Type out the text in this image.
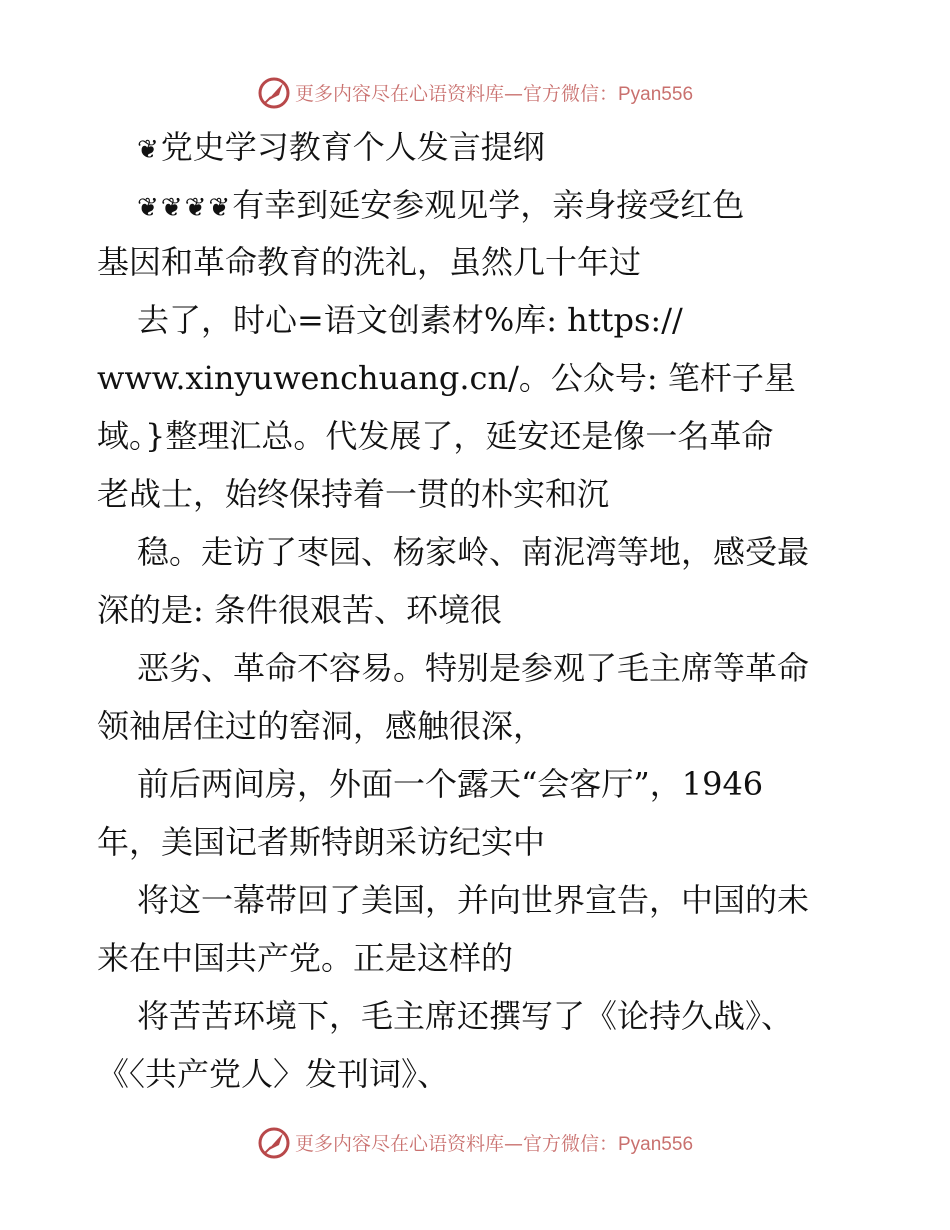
更多内容尽在心语资料库—官方微信：Pyan556
❦党史学习教育个人发言提纲
❦❦❦❦有幸到延安参观见学，亲身接受红色
基因和革命教育的洗礼，虽然几十年过
去了，时心=语文创素材%库: https://
www.xinyuwenchuang.cn/。公众号: 笔杆子星
域。}整理汇总。代发展了，延安还是像一名革命
老战士，始终保持着一贯的朴实和沉
稳。走访了枣园、杨家岭、南泥湾等地，感受最
深的是: 条件很艰苦、环境很
恶劣、革命不容易。特别是参观了毛主席等革命
领袖居住过的窑洞，感触很深，
前后两间房，外面一个露天“会客厅”，1946
年，美国记者斯特朗采访纪实中
将这一幕带回了美国，并向世界宣告，中国的未
来在中国共产党。正是这样的
将苦苦环境下，毛主席还撰写了《论持久战》、
《〈共产党人〉发刊词》、
更多内容尽在心语资料库—官方微信：Pyan556
